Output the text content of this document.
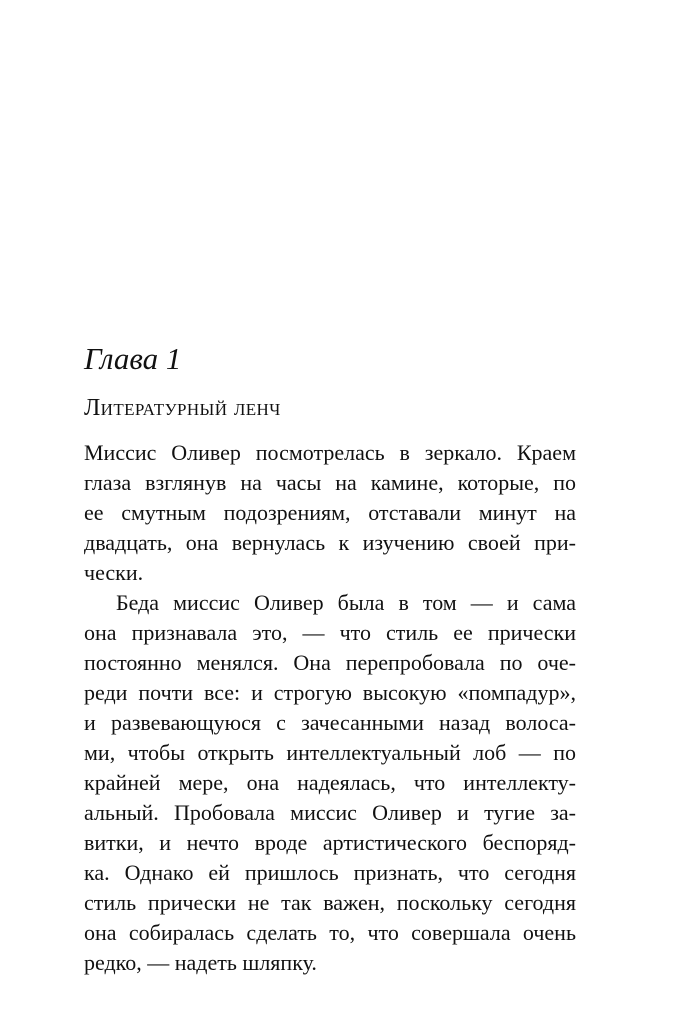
Глава 1
Литературный ленч
Миссис Оливер посмотрелась в зеркало. Краем
глаза взглянув на часы на камине, которые, по
ее смутным подозрениям, отставали минут на
двадцать, она вернулась к изучению своей при-
чески.
Беда миссис Оливер была в том — и сама
она признавала это, — что стиль ее прически
постоянно менялся. Она перепробовала по оче-
реди почти все: и строгую высокую «помпадур»,
и развевающуюся с зачесанными назад волоса-
ми, чтобы открыть интеллектуальный лоб — по
крайней мере, она надеялась, что интеллекту-
альный. Пробовала миссис Оливер и тугие за-
витки, и нечто вроде артистического беспоряд-
ка. Однако ей пришлось признать, что сегодня
стиль прически не так важен, поскольку сегодня
она собиралась сделать то, что совершала очень
редко, — надеть шляпку.
